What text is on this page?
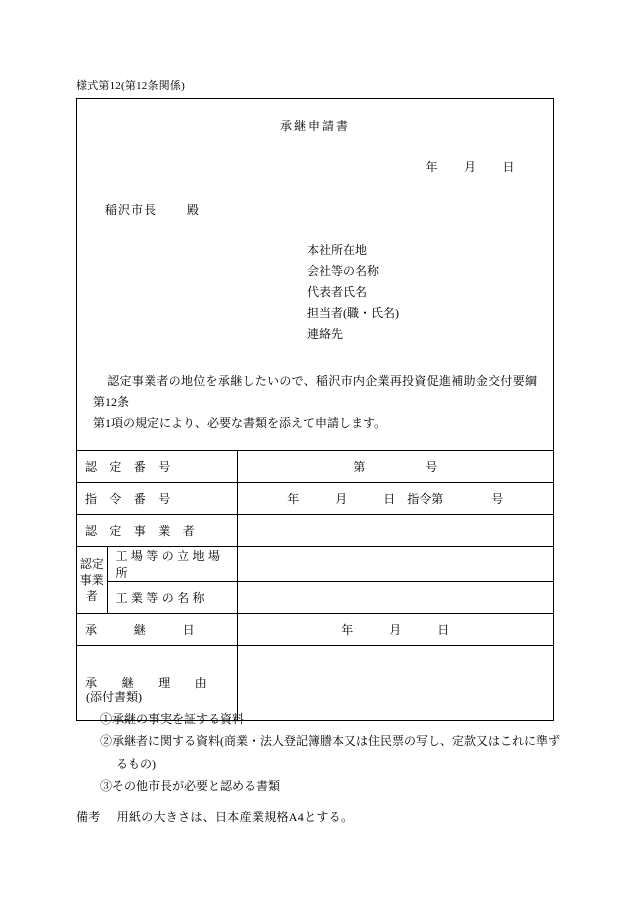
様式第12(第12条関係)
承継申請書
年 月 日
稲沢市長	殿
本社所在地
会社等の名称
代表者氏名
担当者(職・氏名)
連絡先
認定事業者の地位を承継したいので、稲沢市内企業再投資促進補助金交付要綱第12条
第1項の規定により、必要な書類を添えて申請します。
認　定　番　号		第　　　　　号
指　令　番　号		年　　　月　　　日　指令第　　　　号
認　定　事　業　者		
認定事業者	工 場 等 の 立 地 場 所	
	工 業 等 の 名 称	
承　　　継　　　日		年　　　月　　　日
承　　継　　理　　由		
(添付書類)
①承継の事実を証する資料
②承継者に関する資料(商業・法人登記簿謄本又は住民票の写し、定款又はこれに準ず
るもの)
③その他市長が必要と認める書類
備考 用紙の大きさは、日本産業規格A4とする。
